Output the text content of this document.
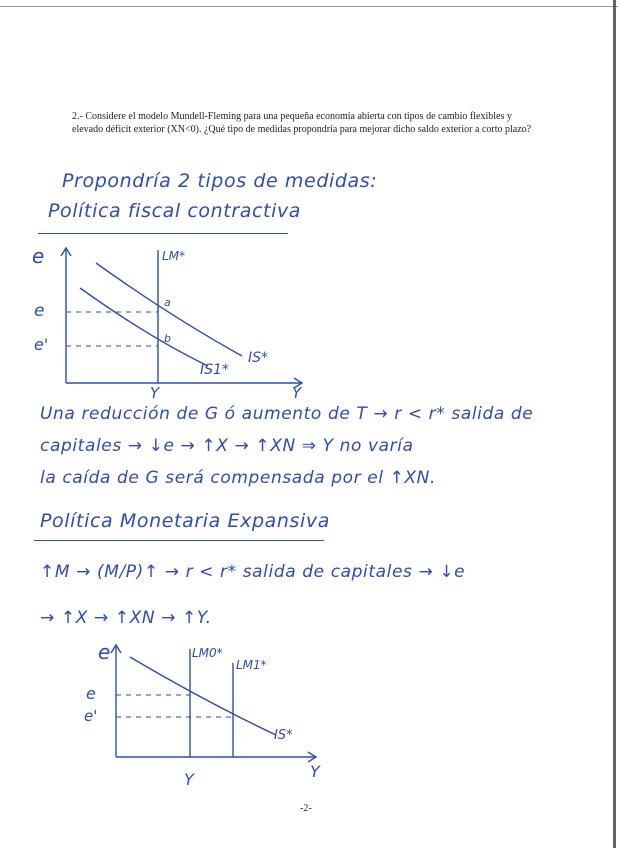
2.- Considere el modelo Mundell-Fleming para una pequeña economía abierta con tipos de cambio flexibles y elevado déficit exterior (XN<0). ¿Qué tipo de medidas propondría para mejorar dicho saldo exterior a corto plazo?
Propondría 2 tipos de medidas:
Política fiscal contractiva
e	LM*
e
e'
a
b
IS*
IS1*
Y	Y
Una reducción de G ó aumento de T → r < r* salida de
capitales → ↓e → ↑X → ↑XN ⇒ Y no varía
la caída de G será compensada por el ↑XN.
Política Monetaria Expansiva
↑M → (M/P)↑ → r < r* salida de capitales → ↓e
→ ↑X → ↑XN → ↑Y.
e	LM0*
LM1*
e
e'
IS*
Y	Y
-2-
